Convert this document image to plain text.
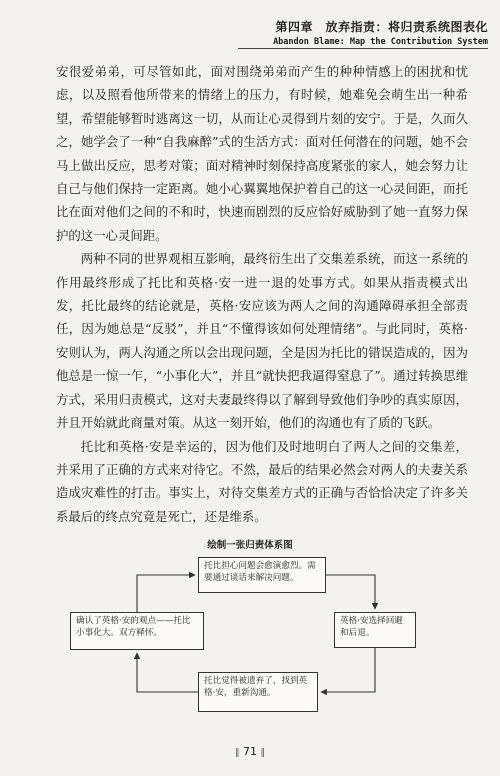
第四章　放弃指责：将归责系统图表化
Abandon Blame: Map the Contribution System

安很爱弟弟，可尽管如此，面对围绕弟弟而产生的种种情感上的困扰和忧虑，以及照看他所带来的情绪上的压力，有时候，她难免会萌生出一种希望，希望能够暂时逃离这一切，从而让心灵得到片刻的安宁。于是，久而久之，她学会了一种“自我麻醉”式的生活方式：面对任何潜在的问题，她不会马上做出反应，思考对策；面对精神时刻保持高度紧张的家人，她会努力让自己与他们保持一定距离。她小心翼翼地保护着自己的这一心灵间距，而托比在面对他们之间的不和时，快速而剧烈的反应恰好威胁到了她一直努力保护的这一心灵间距。

两种不同的世界观相互影响，最终衍生出了交集差系统，而这一系统的作用最终形成了托比和英格·安一进一退的处事方式。如果从指责模式出发，托比最终的结论就是，英格·安应该为两人之间的沟通障碍承担全部责任，因为她总是“反驳”，并且“不懂得该如何处理情绪”。与此同时，英格·安则认为，两人沟通之所以会出现问题，全是因为托比的错误造成的，因为他总是一惊一乍，“小事化大”，并且“就快把我逼得窒息了”。通过转换思维方式，采用归责模式，这对夫妻最终得以了解到导致他们争吵的真实原因，并且开始就此商量对策。从这一刻开始，他们的沟通也有了质的飞跃。

托比和英格·安是幸运的，因为他们及时地明白了两人之间的交集差，并采用了正确的方式来对待它。不然，最后的结果必然会对两人的夫妻关系造成灾难性的打击。事实上，对待交集差方式的正确与否恰恰决定了许多关系最后的终点究竟是死亡，还是维系。

绘制一张归责体系图
托比担心问题会愈演愈烈。需要通过谈话来解决问题。
英格·安选择回避和后退。
托比觉得被遗弃了，找到英格·安，重新沟通。
确认了英格·安的观点——托比小事化大。双方释怀。
‖ 71 ‖
